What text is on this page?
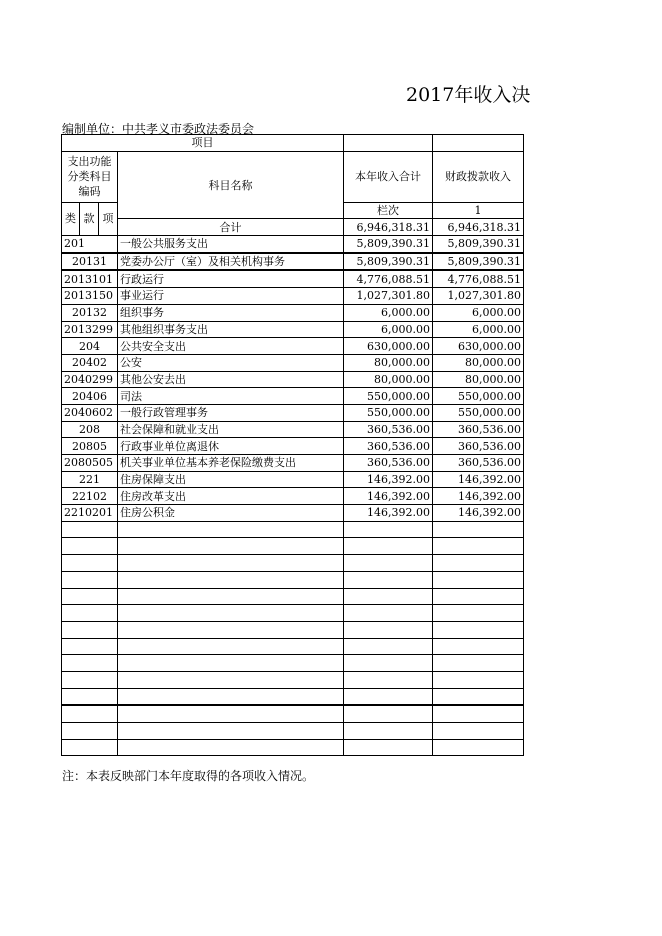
2017年收入决
编制单位：中共孝义市委政法委员会
项目						

支出功能
分类科目
编码			科目名称	本年收入合计	财政拨款收入	
类	款	项		栏次	1	
			合计	6,946,318.31	6,946,318.31	
201			一般公共服务支出	5,809,390.31	5,809,390.31	
20131			党委办公厅（室）及相关机构事务	5,809,390.31	5,809,390.31	
2013101			行政运行	4,776,088.51	4,776,088.51	
2013150			事业运行	1,027,301.80	1,027,301.80	
20132			组织事务	6,000.00	6,000.00	
2013299			其他组织事务支出	6,000.00	6,000.00	
204			公共安全支出	630,000.00	630,000.00	
20402			公安	80,000.00	80,000.00	
2040299			其他公安去出	80,000.00	80,000.00	
20406			司法	550,000.00	550,000.00	
2040602			一般行政管理事务	550,000.00	550,000.00	
208			社会保障和就业支出	360,536.00	360,536.00	
20805			行政事业单位离退休	360,536.00	360,536.00	
2080505			机关事业单位基本养老保险缴费支出	360,536.00	360,536.00	
221			住房保障支出	146,392.00	146,392.00	
22102			住房改革支出	146,392.00	146,392.00	
2210201			住房公积金	146,392.00	146,392.00	

注：本表反映部门本年度取得的各项收入情况。
